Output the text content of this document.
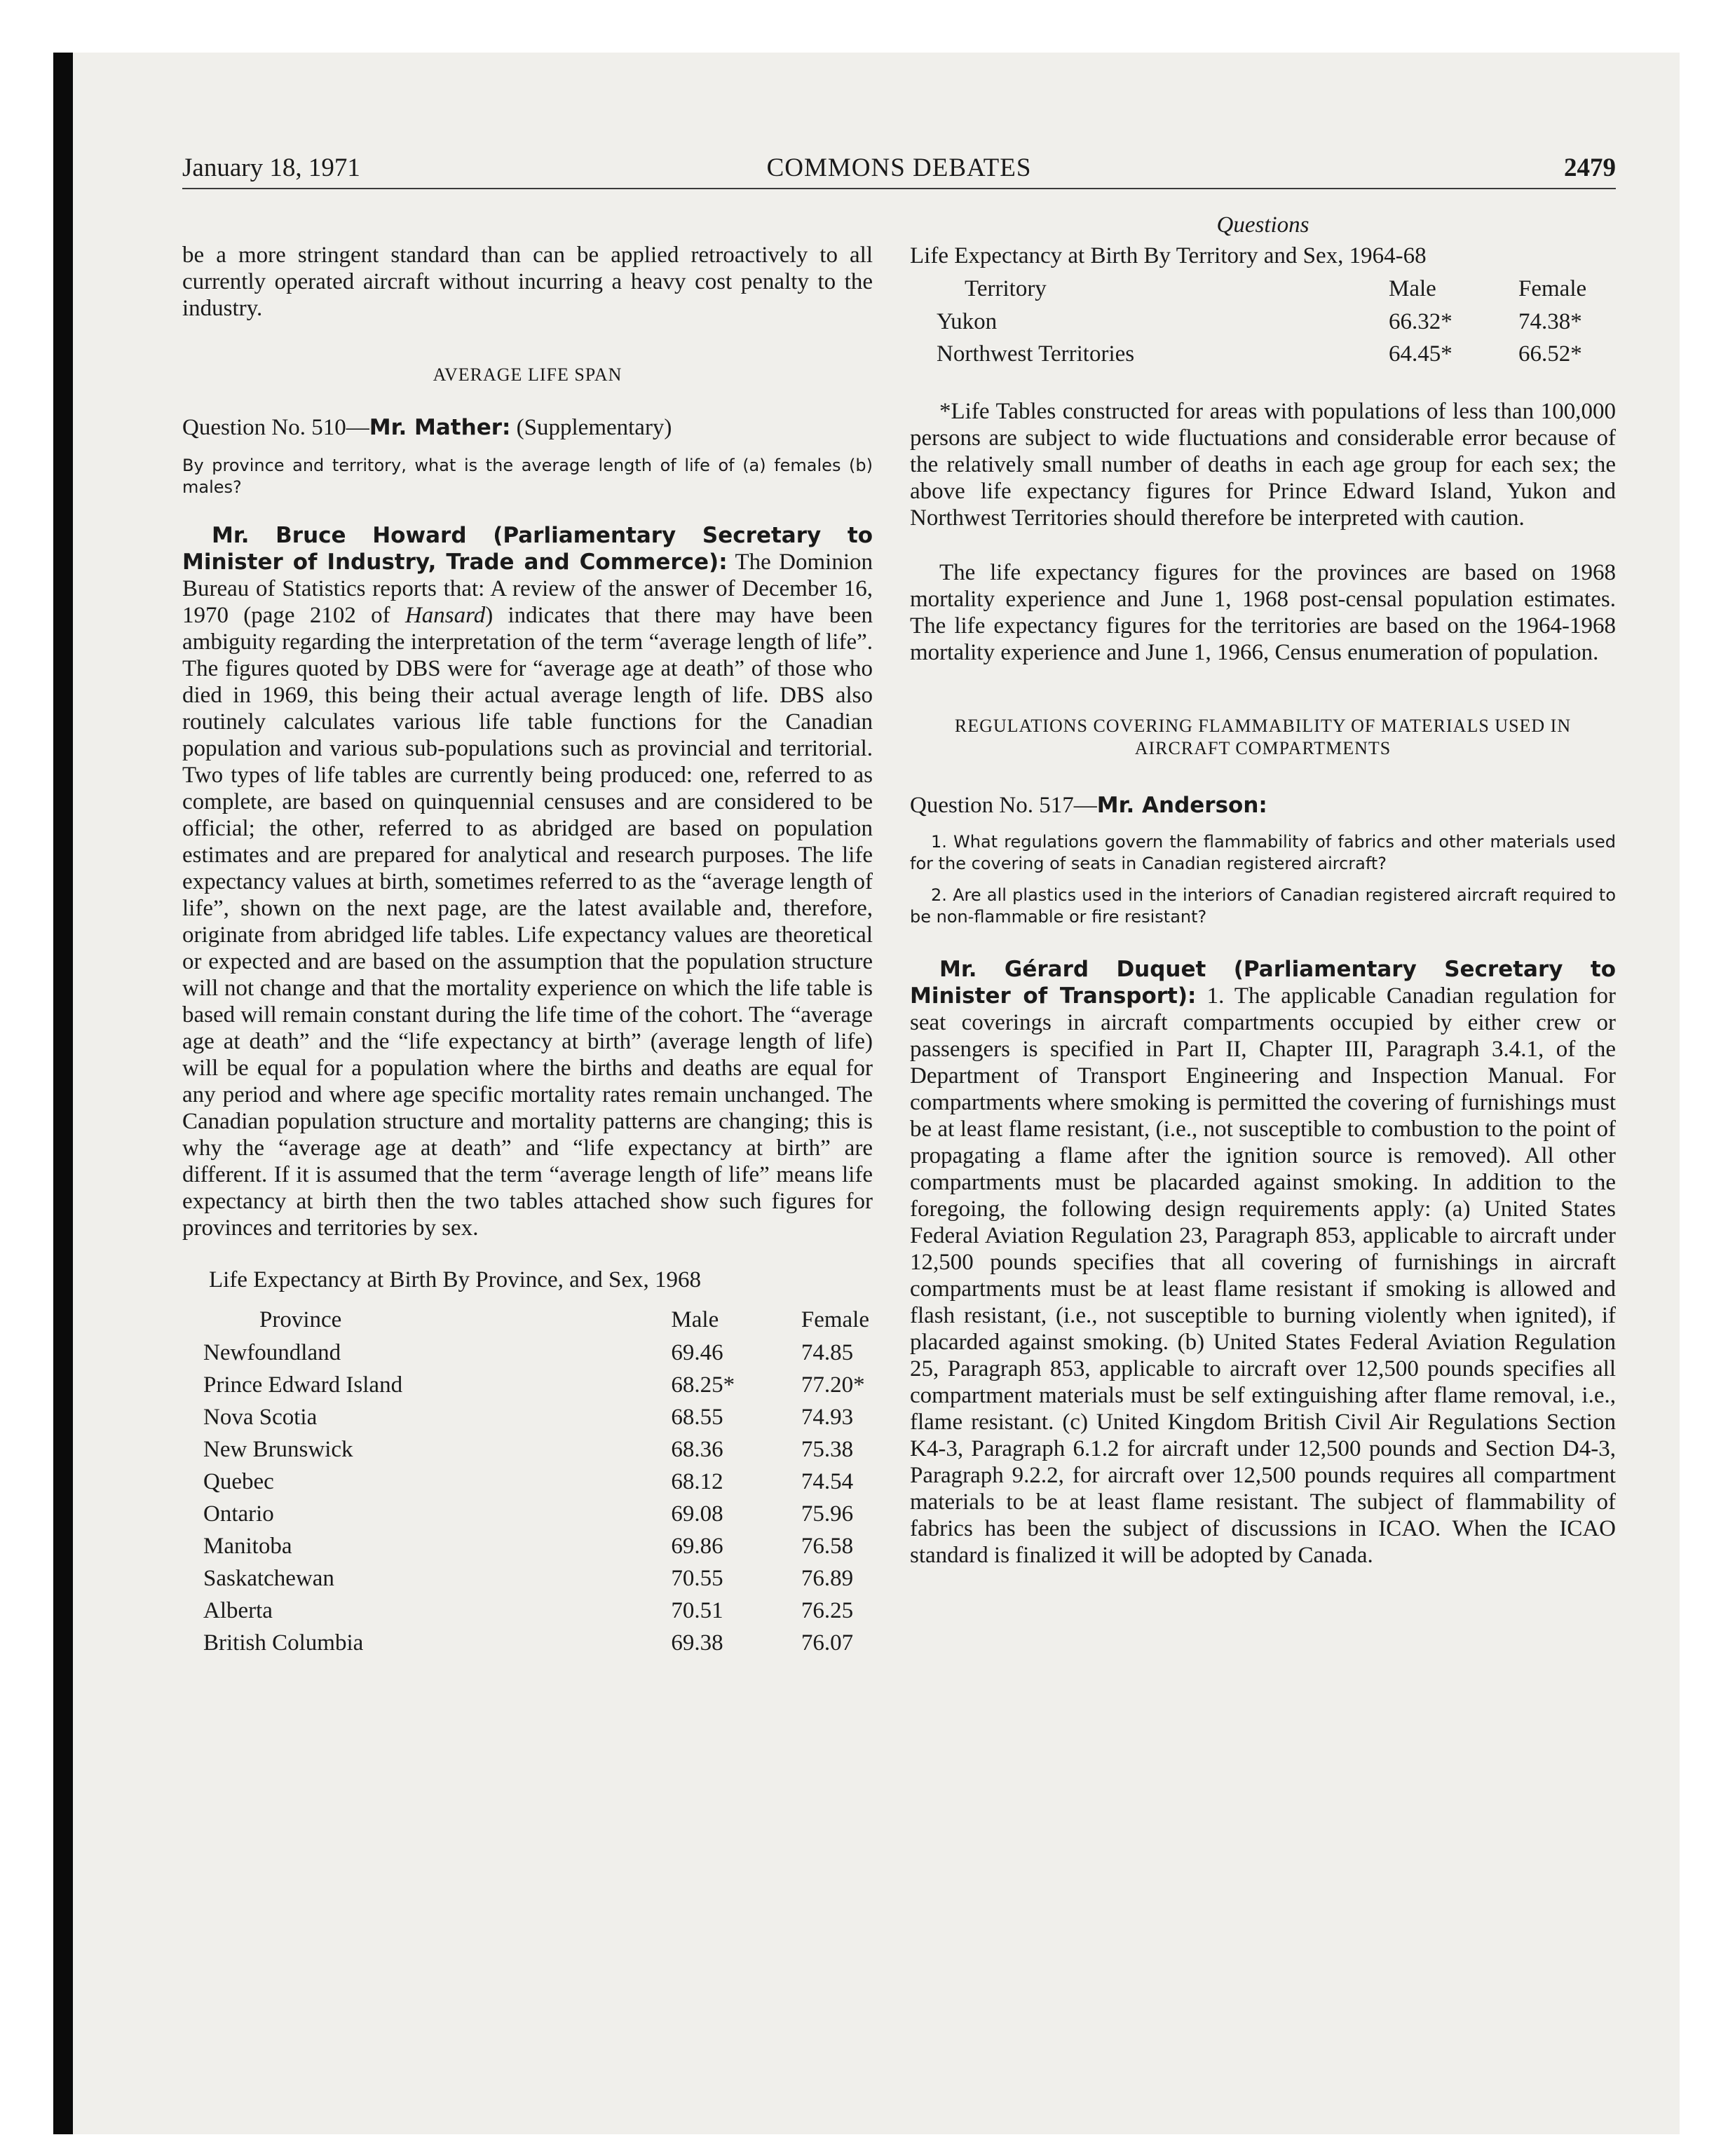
January 18, 1971	COMMONS DEBATES	2479

be a more stringent standard than can be applied retroactively to all currently operated aircraft without incurring a heavy cost penalty to the industry.

AVERAGE LIFE SPAN

Question No. 510—Mr. Mather: (Supplementary)

By province and territory, what is the average length of life of (a) females (b) males?

Mr. Bruce Howard (Parliamentary Secretary to Minister of Industry, Trade and Commerce): The Dominion Bureau of Statistics reports that: A review of the answer of December 16, 1970 (page 2102 of Hansard) indicates that there may have been ambiguity regarding the interpretation of the term “average length of life”. The figures quoted by DBS were for “average age at death” of those who died in 1969, this being their actual average length of life. DBS also routinely calculates various life table functions for the Canadian population and various sub-populations such as provincial and territorial. Two types of life tables are currently being produced: one, referred to as complete, are based on quinquennial censuses and are considered to be official; the other, referred to as abridged are based on population estimates and are prepared for analytical and research purposes. The life expectancy values at birth, sometimes referred to as the “average length of life”, shown on the next page, are the latest available and, therefore, originate from abridged life tables. Life expectancy values are theoretical or expected and are based on the assumption that the population structure will not change and that the mortality experience on which the life table is based will remain constant during the life time of the cohort. The “average age at death” and the “life expectancy at birth” (average length of life) will be equal for a population where the births and deaths are equal for any period and where age specific mortality rates remain unchanged. The Canadian population structure and mortality patterns are changing; this is why the “average age at death” and “life expectancy at birth” are different. If it is assumed that the term “average length of life” means life expectancy at birth then the two tables attached show such figures for provinces and territories by sex.

Life Expectancy at Birth By Province, and Sex, 1968

Province	Male	Female
Newfoundland	69.46	74.85
Prince Edward Island	68.25*	77.20*
Nova Scotia	68.55	74.93
New Brunswick	68.36	75.38
Quebec	68.12	74.54
Ontario	69.08	75.96
Manitoba	69.86	76.58
Saskatchewan	70.55	76.89
Alberta	70.51	76.25
British Columbia	69.38	76.07

Questions

Life Expectancy at Birth By Territory and Sex, 1964-68

Territory	Male	Female
Yukon	66.32*	74.38*
Northwest Territories	64.45*	66.52*

*Life Tables constructed for areas with populations of less than 100,000 persons are subject to wide fluctuations and considerable error because of the relatively small number of deaths in each age group for each sex; the above life expectancy figures for Prince Edward Island, Yukon and Northwest Territories should therefore be interpreted with caution.

The life expectancy figures for the provinces are based on 1968 mortality experience and June 1, 1968 post-censal population estimates. The life expectancy figures for the territories are based on the 1964-1968 mortality experience and June 1, 1966, Census enumeration of population.

REGULATIONS COVERING FLAMMABILITY OF MATERIALS USED IN AIRCRAFT COMPARTMENTS

Question No. 517—Mr. Anderson:

1. What regulations govern the flammability of fabrics and other materials used for the covering of seats in Canadian registered aircraft?

2. Are all plastics used in the interiors of Canadian registered aircraft required to be non-flammable or fire resistant?

Mr. Gérard Duquet (Parliamentary Secretary to Minister of Transport): 1. The applicable Canadian regulation for seat coverings in aircraft compartments occupied by either crew or passengers is specified in Part II, Chapter III, Paragraph 3.4.1, of the Department of Transport Engineering and Inspection Manual. For compartments where smoking is permitted the covering of furnishings must be at least flame resistant, (i.e., not susceptible to combustion to the point of propagating a flame after the ignition source is removed). All other compartments must be placarded against smoking. In addition to the foregoing, the following design requirements apply: (a) United States Federal Aviation Regulation 23, Paragraph 853, applicable to aircraft under 12,500 pounds specifies that all covering of furnishings in aircraft compartments must be at least flame resistant if smoking is allowed and flash resistant, (i.e., not susceptible to burning violently when ignited), if placarded against smoking. (b) United States Federal Aviation Regulation 25, Paragraph 853, applicable to aircraft over 12,500 pounds specifies all compartment materials must be self extinguishing after flame removal, i.e., flame resistant. (c) United Kingdom British Civil Air Regulations Section K4-3, Paragraph 6.1.2 for aircraft under 12,500 pounds and Section D4-3, Paragraph 9.2.2, for aircraft over 12,500 pounds requires all compartment materials to be at least flame resistant. The subject of flammability of fabrics has been the subject of discussions in ICAO. When the ICAO standard is finalized it will be adopted by Canada.
